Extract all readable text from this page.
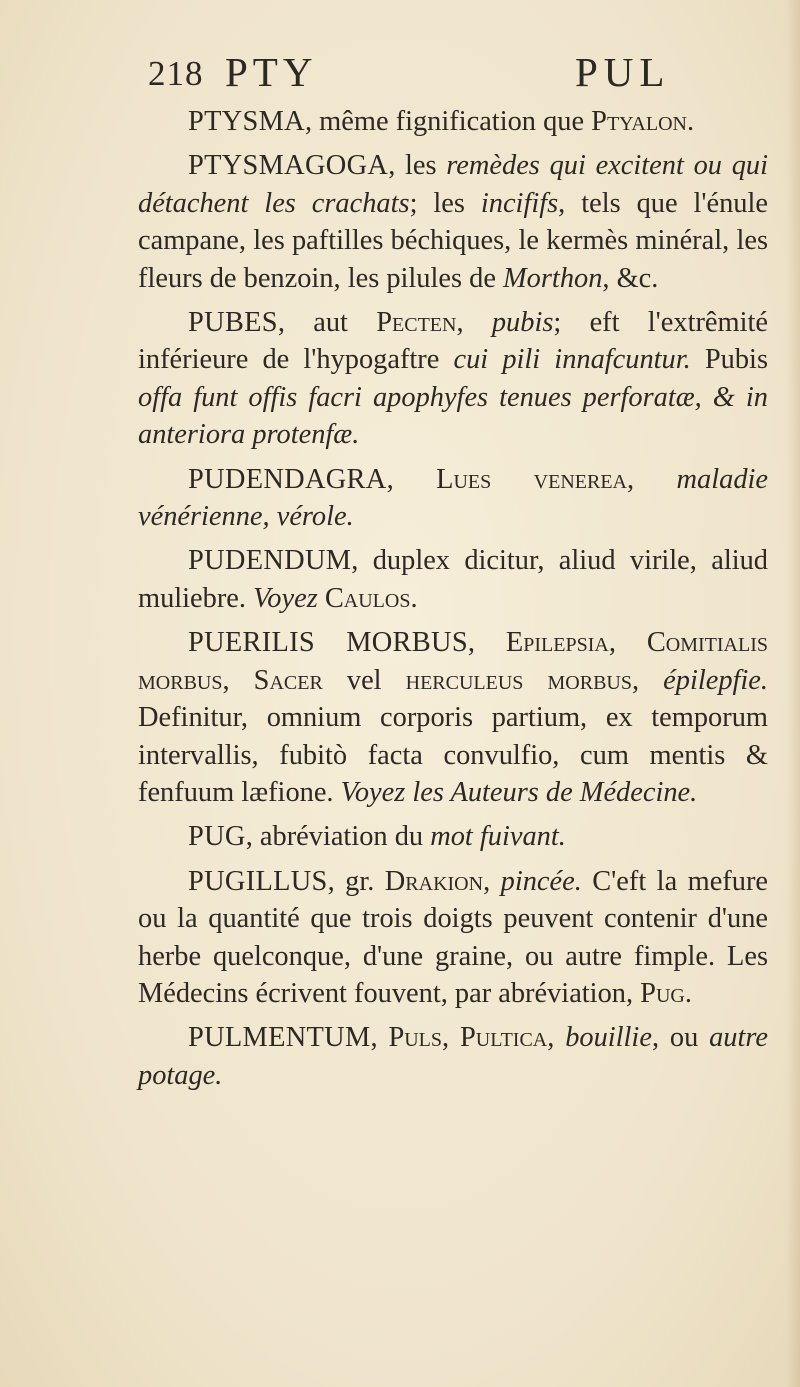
218 PTY	PUL

PTYSMA, même fignification que Ptyalon.

PTYSMAGOGA, les remèdes qui excitent ou qui détachent les crachats; les incififs, tels que l'énule campane, les paftilles béchiques, le kermès minéral, les fleurs de benzoin, les pilules de Morthon, &c.

PUBES, aut Pecten, pubis; eft l'extrêmité inférieure de l'hypogaftre cui pili innafcuntur. Pubis offa funt offis facri apophyfes tenues perforatæ, & in anteriora protenfæ.

PUDENDAGRA, Lues venerea, maladie vénérienne, vérole.

PUDENDUM, duplex dicitur, aliud virile, aliud muliebre. Voyez Caulos.

PUERILIS MORBUS, Epilepsia, Comitialis morbus, Sacer vel herculeus morbus, épilepfie. Definitur, omnium corporis partium, ex temporum intervallis, fubitò facta convulfio, cum mentis & fenfuum læfione. Voyez les Auteurs de Médecine.

PUG, abréviation du mot fuivant.

PUGILLUS, gr. Drakion, pincée. C'eft la mefure ou la quantité que trois doigts peuvent contenir d'une herbe quelconque, d'une graine, ou autre fimple. Les Médecins écrivent fouvent, par abréviation, Pug.

PULMENTUM, Puls, Pultica, bouillie, ou autre potage.
